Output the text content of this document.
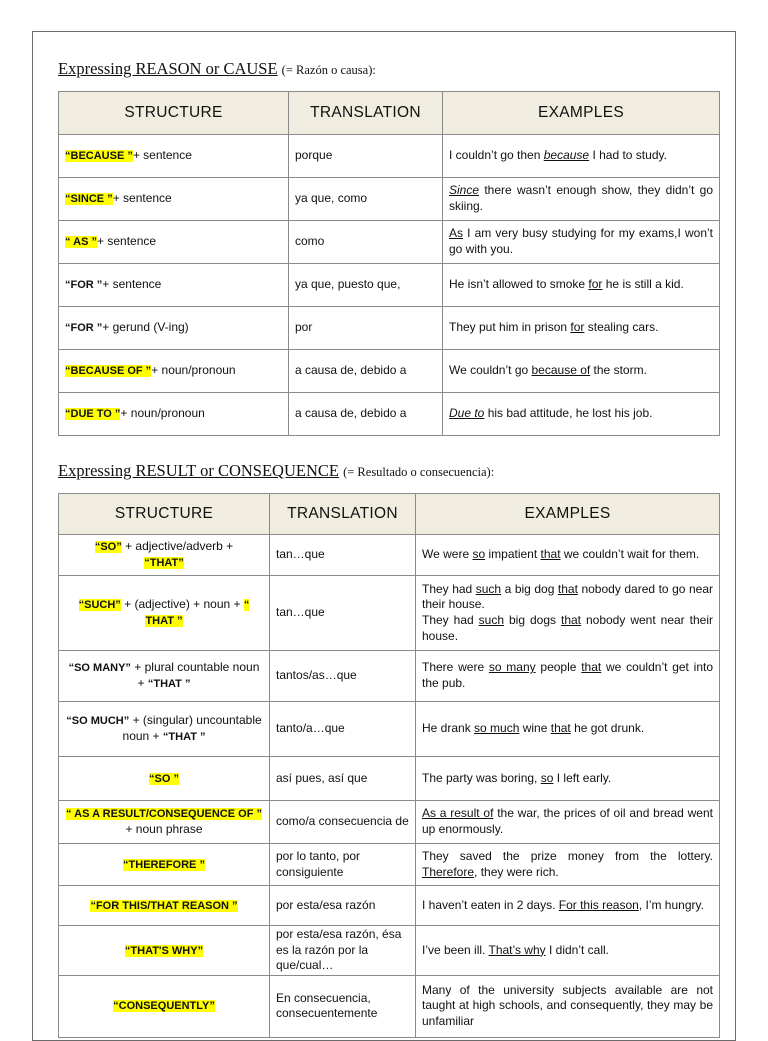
Expressing REASON or CAUSE (= Razón o causa):
STRUCTURE	TRANSLATION	EXAMPLES
“BECAUSE ”+ sentence	porque	I couldn’t go then because I had to study.
“SINCE ”+ sentence	ya que, como	Since there wasn’t enough show, they didn’t go skiing.
“ AS ”+ sentence	como	As I am very busy studying for my exams,I won’t go with you.
“FOR ”+ sentence	ya que, puesto que,	He isn’t allowed to smoke for he is still a kid.
“FOR ”+ gerund (V-ing)	por	They put him in prison for stealing cars.
“BECAUSE OF ”+ noun/pronoun	a causa de, debido a	We couldn’t go because of the storm.
“DUE TO ”+ noun/pronoun	a causa de, debido a	Due to his bad attitude, he lost his job.
Expressing RESULT or CONSEQUENCE (= Resultado o consecuencia):
STRUCTURE	TRANSLATION	EXAMPLES
“SO” + adjective/adverb +
“THAT”	tan…que	We were so impatient that we couldn’t wait for them.
“SUCH” + (adjective) + noun + “ THAT ”	tan…que	They had such a big dog that nobody dared to go near their house.
They had such big dogs that nobody went near their house.
“SO MANY” + plural countable noun + “THAT ”	tantos/as…que	There were so many people that we couldn’t get into the pub.
“SO MUCH” + (singular) uncountable noun + “THAT ”	tanto/a…que	He drank so much wine that he got drunk.
“SO ”	así pues, así que	The party was boring, so I left early.
“ AS A RESULT/CONSEQUENCE OF ” + noun phrase	como/a consecuencia de	As a result of the war, the prices of oil and bread went up enormously.
“THEREFORE ”	por lo tanto, por consiguiente	They saved the prize money from the lottery. Therefore, they were rich.
“FOR THIS/THAT REASON ”	por esta/esa razón	I haven’t eaten in 2 days. For this reason, I’m hungry.
“THAT'S WHY”	por esta/esa razón, ésa es la razón por la que/cual…	I’ve been ill. That’s why I didn’t call.
“CONSEQUENTLY”	En consecuencia, consecuentemente	Many of the university subjects available are not taught at high schools, and consequently, they may be unfamiliar
